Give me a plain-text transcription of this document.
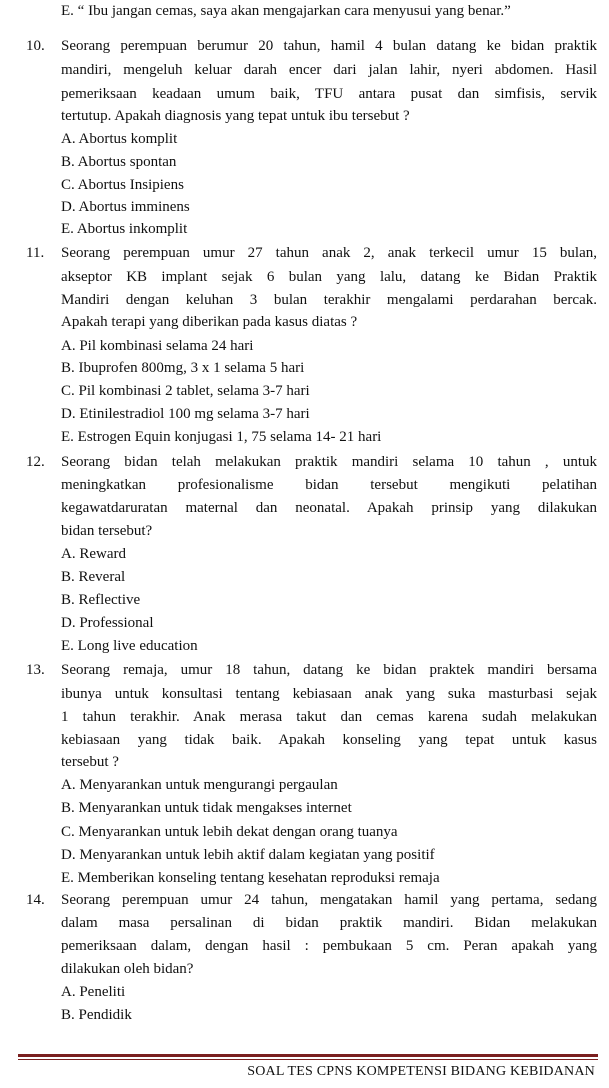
E. “ Ibu jangan cemas, saya akan mengajarkan cara menyusui yang benar.”
10. Seorang perempuan berumur 20 tahun, hamil 4 bulan datang ke bidan praktik
mandiri, mengeluh keluar darah encer dari jalan lahir, nyeri abdomen. Hasil
pemeriksaan keadaan umum baik, TFU antara pusat dan simfisis, servik
tertutup. Apakah diagnosis yang tepat untuk ibu tersebut ?
A. Abortus komplit
B. Abortus spontan
C. Abortus Insipiens
D. Abortus imminens
E. Abortus inkomplit
11. Seorang perempuan umur 27 tahun anak 2, anak terkecil umur 15 bulan,
akseptor KB implant sejak 6 bulan yang lalu, datang ke Bidan Praktik
Mandiri dengan keluhan 3 bulan terakhir mengalami perdarahan bercak.
Apakah terapi yang diberikan pada kasus diatas ?
A. Pil kombinasi selama 24 hari
B. Ibuprofen 800mg, 3 x 1 selama 5 hari
C. Pil kombinasi 2 tablet, selama 3-7 hari
D. Etinilestradiol 100 mg selama 3-7 hari
E. Estrogen Equin konjugasi 1, 75 selama 14- 21 hari
12. Seorang bidan telah melakukan praktik mandiri selama 10 tahun , untuk
meningkatkan profesionalisme bidan tersebut mengikuti pelatihan
kegawatdaruratan maternal dan neonatal. Apakah prinsip yang dilakukan
bidan tersebut?
A. Reward
B. Reveral
B. Reflective
D. Professional
E. Long live education
13. Seorang remaja, umur 18 tahun, datang ke bidan praktek mandiri bersama
ibunya untuk konsultasi tentang kebiasaan anak yang suka masturbasi sejak
1 tahun terakhir. Anak merasa takut dan cemas karena sudah melakukan
kebiasaan yang tidak baik. Apakah konseling yang tepat untuk kasus
tersebut ?
A. Menyarankan untuk mengurangi pergaulan
B. Menyarankan untuk tidak mengakses internet
C. Menyarankan untuk lebih dekat dengan orang tuanya
D. Menyarankan untuk lebih aktif dalam kegiatan yang positif
E. Memberikan konseling tentang kesehatan reproduksi remaja
14. Seorang perempuan umur 24 tahun, mengatakan hamil yang pertama, sedang
dalam masa persalinan di bidan praktik mandiri. Bidan melakukan
pemeriksaan dalam, dengan hasil : pembukaan 5 cm. Peran apakah yang
dilakukan oleh bidan?
A. Peneliti
B. Pendidik
SOAL TES CPNS KOMPETENSI BIDANG KEBIDANAN
